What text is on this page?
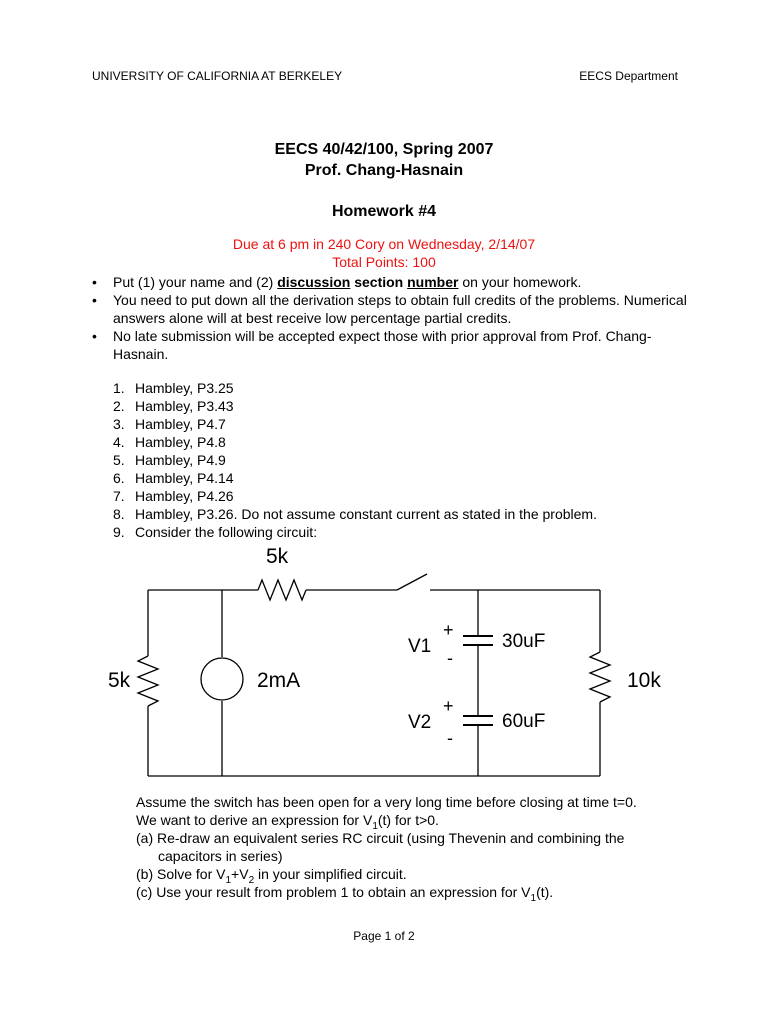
UNIVERSITY OF CALIFORNIA AT BERKELEY	EECS Department
EECS 40/42/100, Spring 2007
Prof. Chang-Hasnain
Homework #4
Due at 6 pm in 240 Cory on Wednesday, 2/14/07
Total Points: 100
• Put (1) your name and (2) discussion section number on your homework.
• You need to put down all the derivation steps to obtain full credits of the problems. Numerical answers alone will at best receive low percentage partial credits.
• No late submission will be accepted expect those with prior approval from Prof. Chang-Hasnain.
1. Hambley, P3.25
2. Hambley, P3.43
3. Hambley, P4.7
4. Hambley, P4.8
5. Hambley, P4.9
6. Hambley, P4.14
7. Hambley, P4.26
8. Hambley, P3.26. Do not assume constant current as stated in the problem.
9. Consider the following circuit:
5k
5k	2mA
V1
+
-
30uF
V2
+
-
60uF
10k
Assume the switch has been open for a very long time before closing at time t=0.
We want to derive an expression for $V_1(t)$ for t>0.
(a) Re-draw an equivalent series RC circuit (using Thevenin and combining the
capacitors in series)
(b) Solve for $V_1+V_2$ in your simplified circuit.
(c) Use your result from problem 1 to obtain an expression for $V_1(t)$.
Page 1 of 2
